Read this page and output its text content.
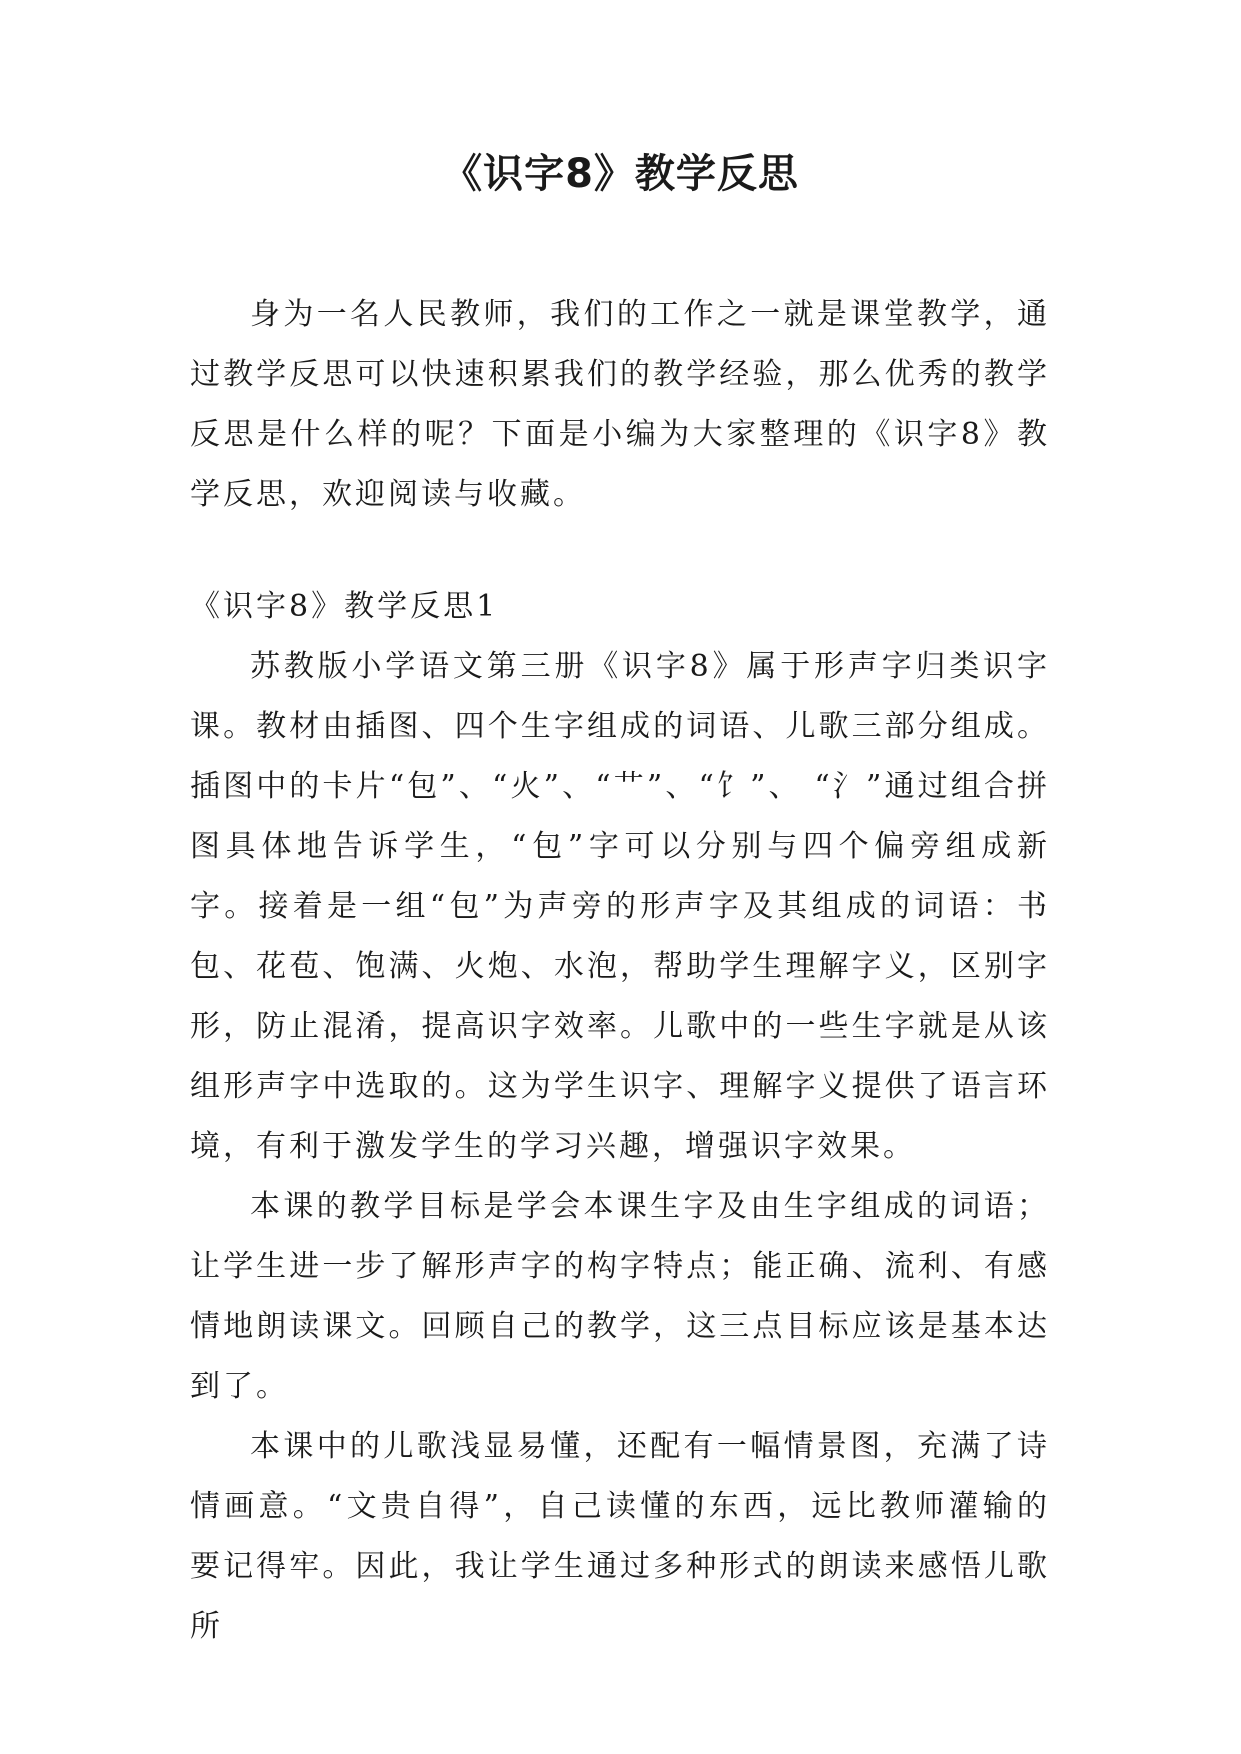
《识字8》教学反思

身为一名人民教师，我们的工作之一就是课堂教学，通过教学反思可以快速积累我们的教学经验，那么优秀的教学反思是什么样的呢？下面是小编为大家整理的《识字8》教学反思，欢迎阅读与收藏。

《识字8》教学反思1

苏教版小学语文第三册《识字8》属于形声字归类识字课。教材由插图、四个生字组成的词语、儿歌三部分组成。插图中的卡片“包”、“火”、“艹”、“饣”、 “氵”通过组合拼图具体地告诉学生，“包”字可以分别与四个偏旁组成新字。接着是一组“包”为声旁的形声字及其组成的词语：书包、花苞、饱满、火炮、水泡，帮助学生理解字义，区别字形，防止混淆，提高识字效率。儿歌中的一些生字就是从该组形声字中选取的。这为学生识字、理解字义提供了语言环境，有利于激发学生的学习兴趣，增强识字效果。

本课的教学目标是学会本课生字及由生字组成的词语；让学生进一步了解形声字的构字特点；能正确、流利、有感情地朗读课文。回顾自己的教学，这三点目标应该是基本达到了。

本课中的儿歌浅显易懂，还配有一幅情景图，充满了诗情画意。“文贵自得”，自己读懂的东西，远比教师灌输的要记得牢。因此，我让学生通过多种形式的朗读来感悟儿歌所
